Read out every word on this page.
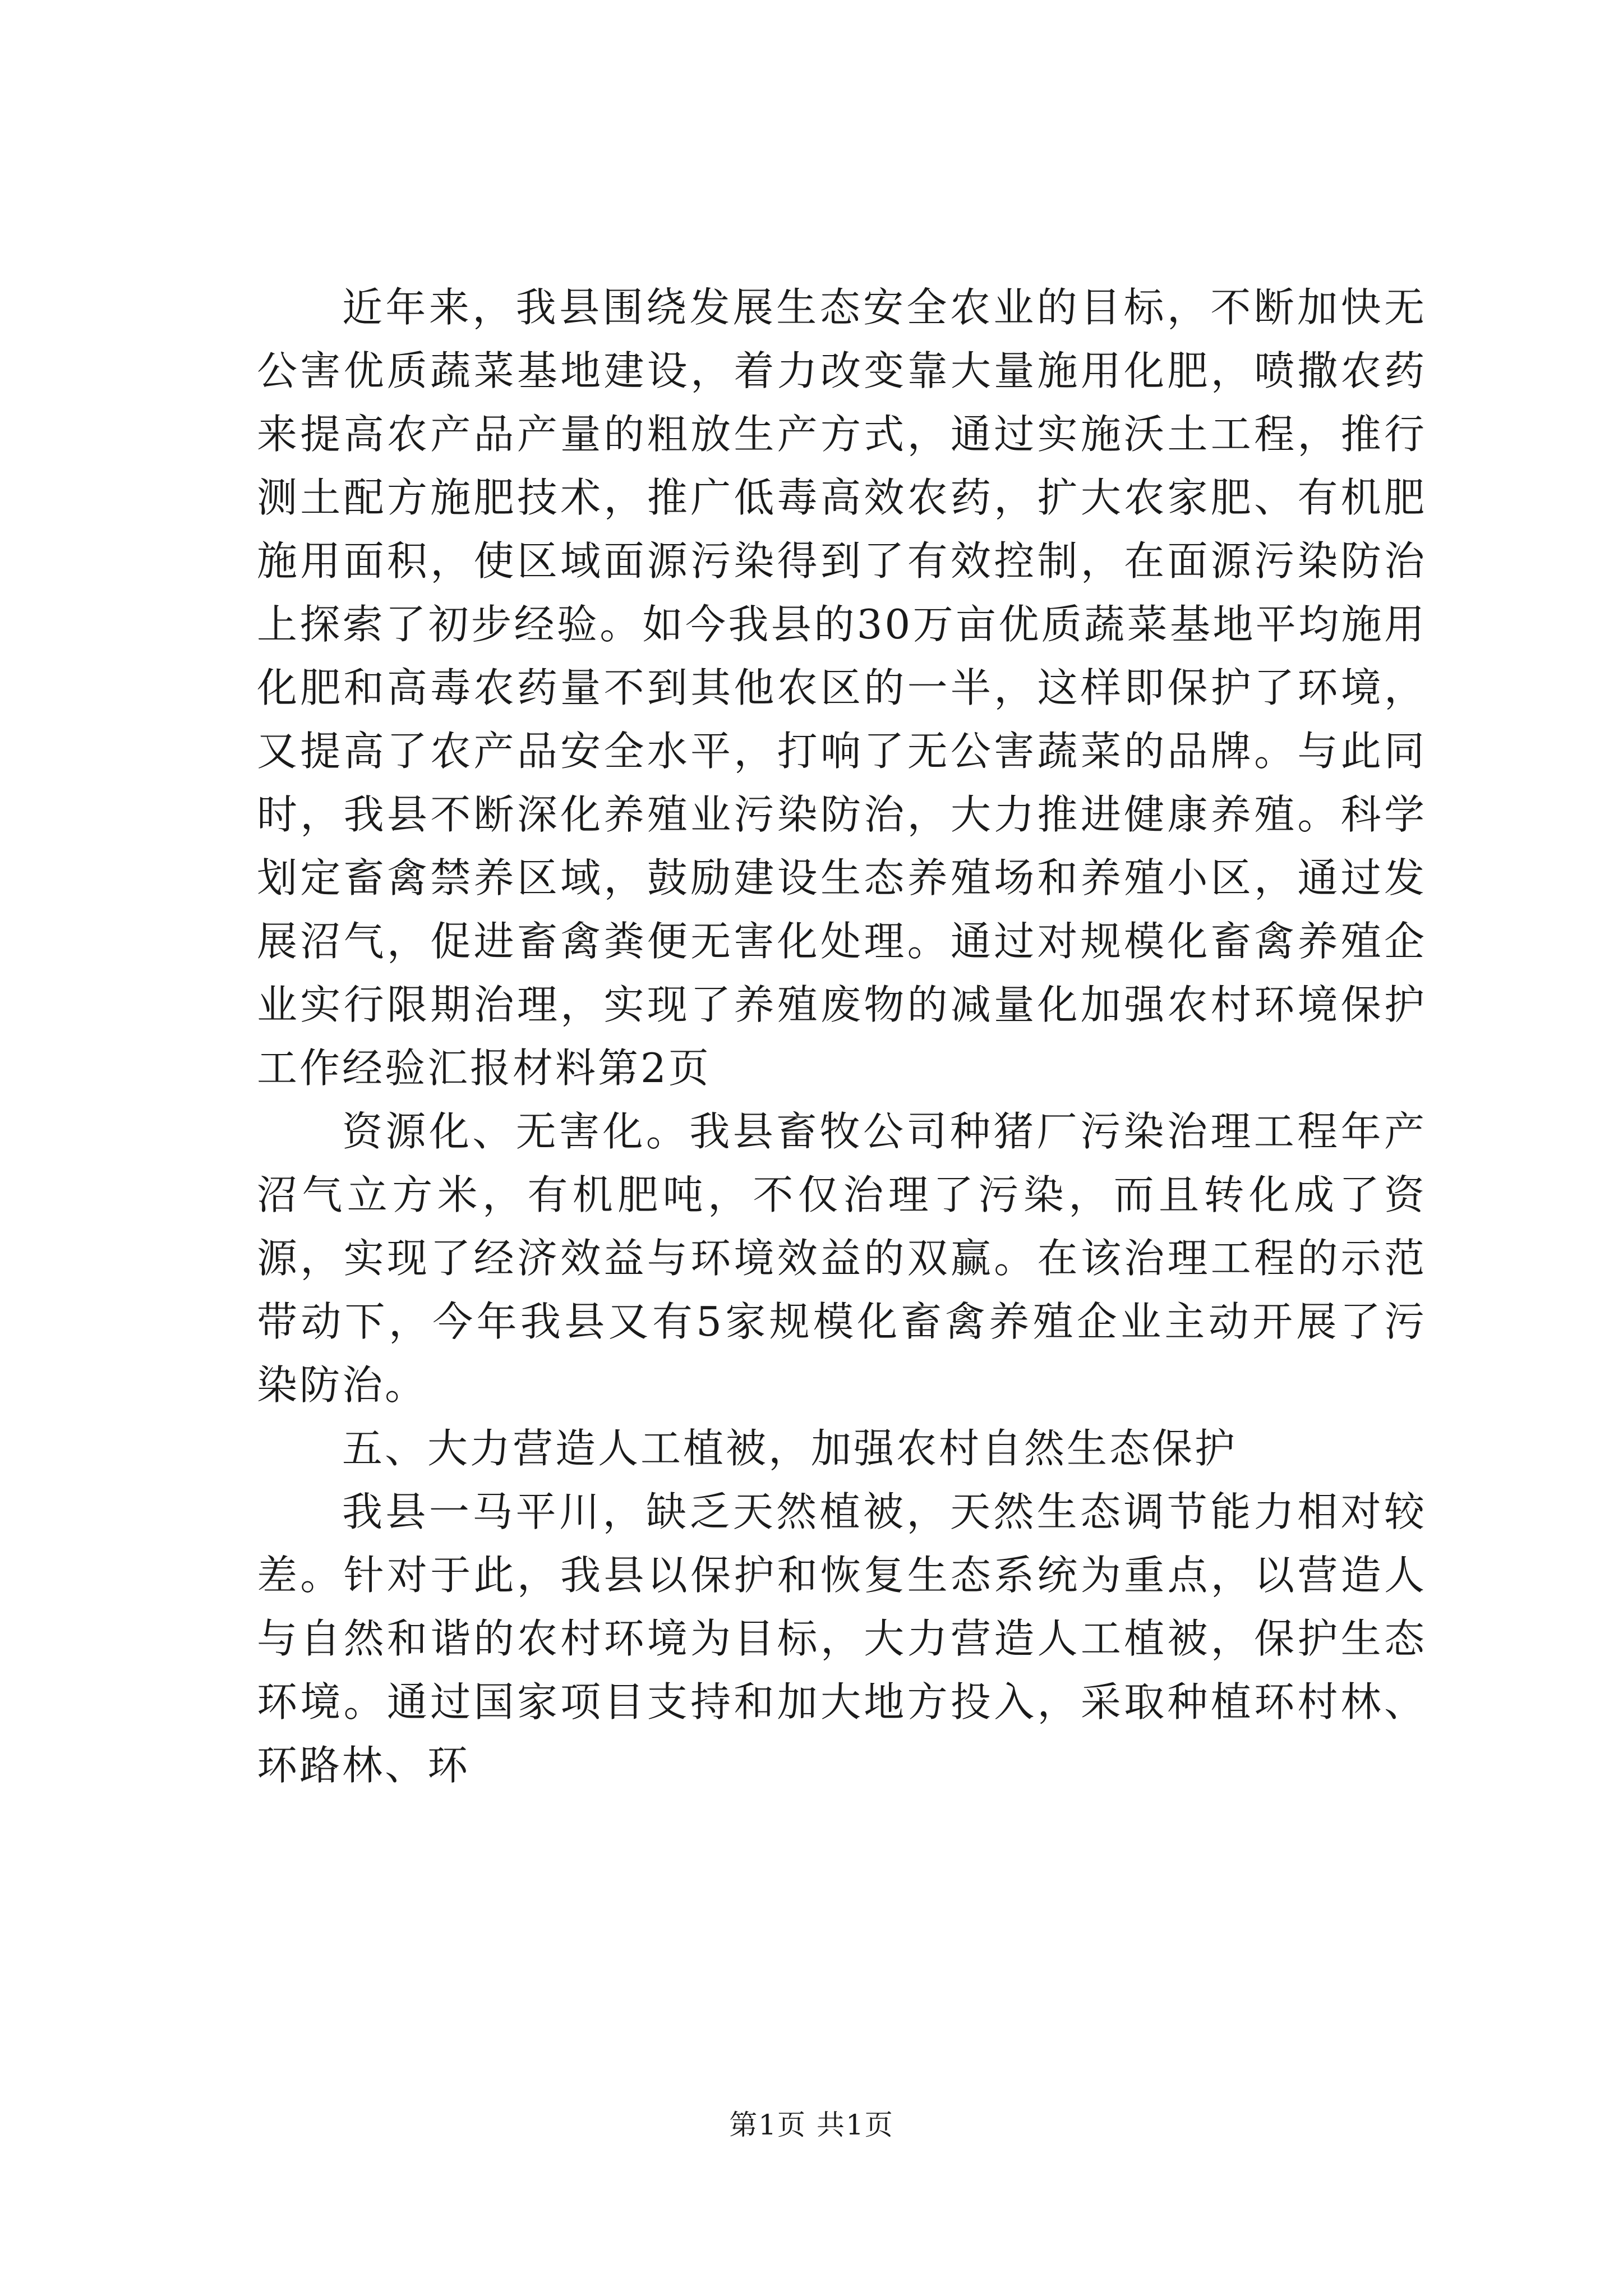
近年来，我县围绕发展生态安全农业的目标，不断加快无公害优质蔬菜基地建设，着力改变靠大量施用化肥，喷撒农药来提高农产品产量的粗放生产方式，通过实施沃土工程，推行测土配方施肥技术，推广低毒高效农药，扩大农家肥、有机肥施用面积，使区域面源污染得到了有效控制，在面源污染防治上探索了初步经验。如今我县的30万亩优质蔬菜基地平均施用化肥和高毒农药量不到其他农区的一半，这样即保护了环境，又提高了农产品安全水平，打响了无公害蔬菜的品牌。与此同时，我县不断深化养殖业污染防治，大力推进健康养殖。科学划定畜禽禁养区域，鼓励建设生态养殖场和养殖小区，通过发展沼气，促进畜禽粪便无害化处理。通过对规模化畜禽养殖企业实行限期治理，实现了养殖废物的减量化加强农村环境保护工作经验汇报材料第2页

资源化、无害化。我县畜牧公司种猪厂污染治理工程年产沼气立方米，有机肥吨，不仅治理了污染，而且转化成了资源，实现了经济效益与环境效益的双赢。在该治理工程的示范带动下，今年我县又有5家规模化畜禽养殖企业主动开展了污染防治。

五、大力营造人工植被，加强农村自然生态保护

我县一马平川，缺乏天然植被，天然生态调节能力相对较差。针对于此，我县以保护和恢复生态系统为重点，以营造人与自然和谐的农村环境为目标，大力营造人工植被，保护生态环境。通过国家项目支持和加大地方投入，采取种植环村林、环路林、环

第1页 共1页
